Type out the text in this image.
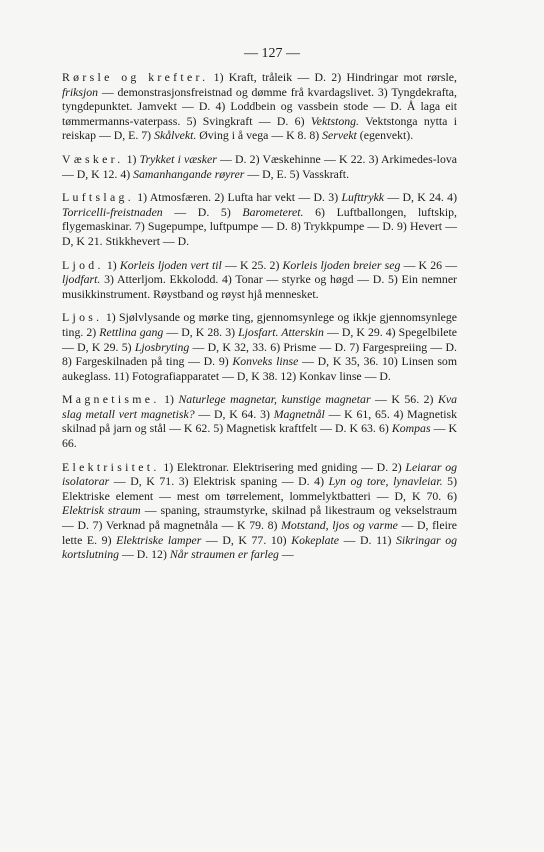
— 127 —

Rørsle og krefter. 1) Kraft, tråleik — D. 2) Hindringar mot rørsle, friksjon — demonstrasjonsfreistnad og dømme frå kvardagslivet. 3) Tyngdekrafta, tyngdepunktet. Jamvekt — D. 4) Loddbein og vassbein stode — D. Å laga eit tømmermanns-vaterpass. 5) Svingkraft — D. 6) Vektstong. Vektstonga nytta i reiskap — D, E. 7) Skålvekt. Øving i å vega — K 8. 8) Servekt (egenvekt).

Væsker. 1) Trykket i væsker — D. 2) Væskehinne — K 22. 3) Arkimedes-lova — D, K 12. 4) Samanhangande røyrer — D, E. 5) Vasskraft.

Luftslag. 1) Atmosfæren. 2) Lufta har vekt — D. 3) Lufttrykk — D, K 24. 4) Torricelli-freistnaden — D. 5) Barometeret. 6) Luftballongen, luftskip, flygemaskinar. 7) Sugepumpe, luftpumpe — D. 8) Trykkpumpe — D. 9) Hevert — D, K 21. Stikkhevert — D.

Ljod. 1) Korleis ljoden vert til — K 25. 2) Korleis ljoden breier seg — K 26 — ljodfart. 3) Atterljom. Ekkolodd. 4) Tonar — styrke og høgd — D. 5) Ein nemner musikkinstrument. Røystband og røyst hjå mennesket.

Ljos. 1) Sjølvlysande og mørke ting, gjennomsynlege og ikkje gjennomsynlege ting. 2) Rettlina gang — D, K 28. 3) Ljosfart. Atterskin — D, K 29. 4) Spegelbilete — D, K 29. 5) Ljosbryting — D, K 32, 33. 6) Prisme — D. 7) Fargespreiing — D. 8) Fargeskilnaden på ting — D. 9) Konveks linse — D, K 35, 36. 10) Linsen som aukeglass. 11) Fotografiapparatet — D, K 38. 12) Konkav linse — D.

Magnetisme. 1) Naturlege magnetar, kunstige magnetar — K 56. 2) Kva slag metall vert magnetisk? — D, K 64. 3) Magnetnål — K 61, 65. 4) Magnetisk skilnad på jarn og stål — K 62. 5) Magnetisk kraftfelt — D. K 63. 6) Kompas — K 66.

Elektrisitet. 1) Elektronar. Elektrisering med gniding — D. 2) Leiarar og isolatorar — D, K 71. 3) Elektrisk spaning — D. 4) Lyn og tore, lynavleiar. 5) Elektriske element — mest om tørrelement, lommelyktbatteri — D, K 70. 6) Elektrisk straum — spaning, straumstyrke, skilnad på likestraum og vekselstraum — D. 7) Verknad på magnetnåla — K 79. 8) Motstand, ljos og varme — D, fleire lette E. 9) Elektriske lamper — D, K 77. 10) Kokeplate — D. 11) Sikringar og kortslutning — D. 12) Når straumen er farleg —
